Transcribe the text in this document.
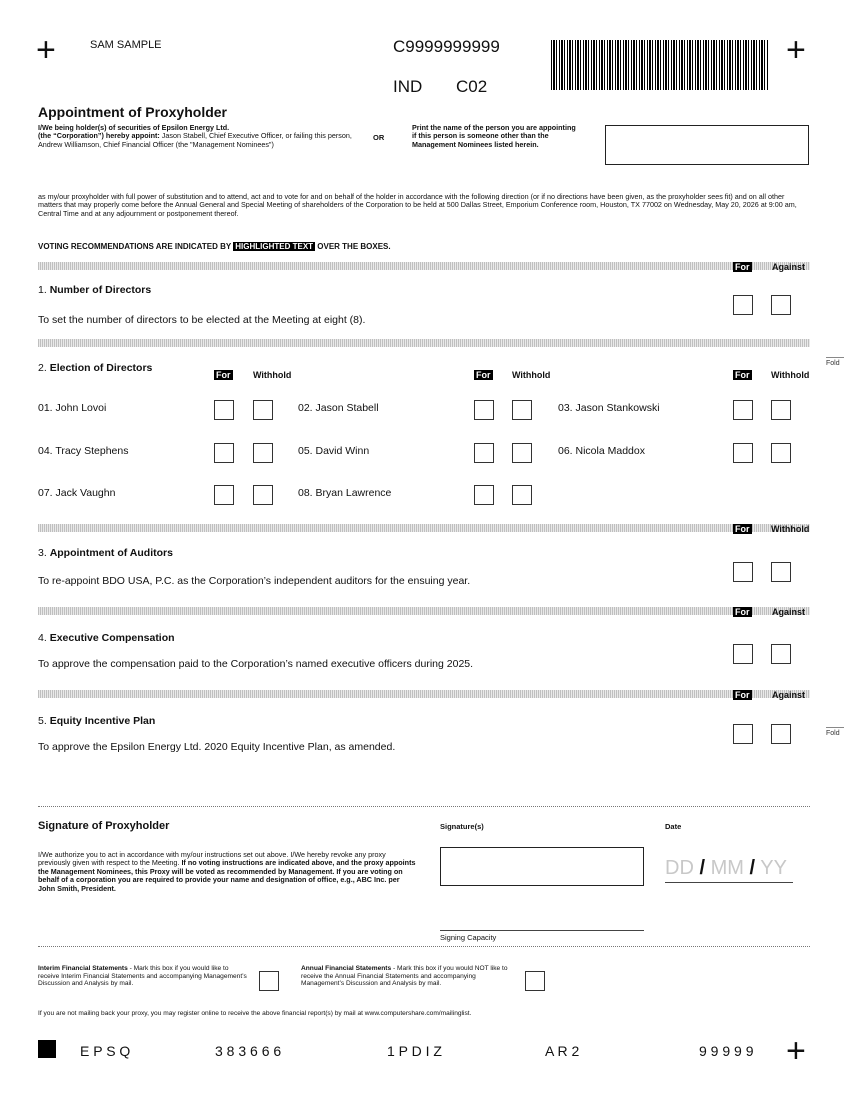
+	SAM SAMPLE	C9999999999
IND C02
+
Appointment of Proxyholder
I/We being holder(s) of securities of Epsilon Energy Ltd.
(the “Corporation”) hereby appoint: Jason Stabell, Chief Executive Officer, or failing this person, Andrew Williamson, Chief Financial Officer (the "Management Nominees")
OR
Print the name of the person you are appointing if this person is someone other than the Management Nominees listed herein.
as my/our proxyholder with full power of substitution and to attend, act and to vote for and on behalf of the holder in accordance with the following direction (or if no directions have been given, as the proxyholder sees fit) and on all other matters that may properly come before the Annual General and Special Meeting of shareholders of the Corporation to be held at 500 Dallas Street, Emporium Conference room, Houston, TX 77002 on Wednesday, May 20, 2026 at 9:00 am, Central Time and at any adjournment or postponement thereof.
VOTING RECOMMENDATIONS ARE INDICATED BY HIGHLIGHTED TEXT OVER THE BOXES.
For	Against
1. Number of Directors
To set the number of directors to be elected at the Meeting at eight (8).
2. Election of Directors
For	Withhold	For Withhold	For Withhold
Fold
01. John Lovoi	02. Jason Stabell	03. Jason Stankowski
04. Tracy Stephens	05. David Winn	06. Nicola Maddox
07. Jack Vaughn	08. Bryan Lawrence
For Withhold
3. Appointment of Auditors
To re-appoint BDO USA, P.C. as the Corporation’s independent auditors for the ensuing year.
For	Against
4. Executive Compensation
To approve the compensation paid to the Corporation’s named executive officers during 2025.
For	Against
5. Equity Incentive Plan
To approve the Epsilon Energy Ltd. 2020 Equity Incentive Plan, as amended.
Fold
Signature of Proxyholder	Signature(s)	Date
I/We authorize you to act in accordance with my/our instructions set out above. I/We hereby revoke any proxy previously given with respect to the Meeting. If no voting instructions are indicated above, and the proxy appoints the Management Nominees, this Proxy will be voted as recommended by Management. If you are voting on behalf of a corporation you are required to provide your name and designation of office, e.g., ABC Inc. per John Smith, President.
DD / MM / YY
Signing Capacity
Interim Financial Statements - Mark this box if you would like to receive Interim Financial Statements and accompanying Management’s Discussion and Analysis by mail.
Annual Financial Statements - Mark this box if you would NOT like to receive the Annual Financial Statements and accompanying Management’s Discussion and Analysis by mail.
If you are not mailing back your proxy, you may register online to receive the above financial report(s) by mail at www.computershare.com/mailinglist.
E P S Q	3 8 3 6 6 6	1 P D I Z	A R 2	9 9 9 9 9 +
